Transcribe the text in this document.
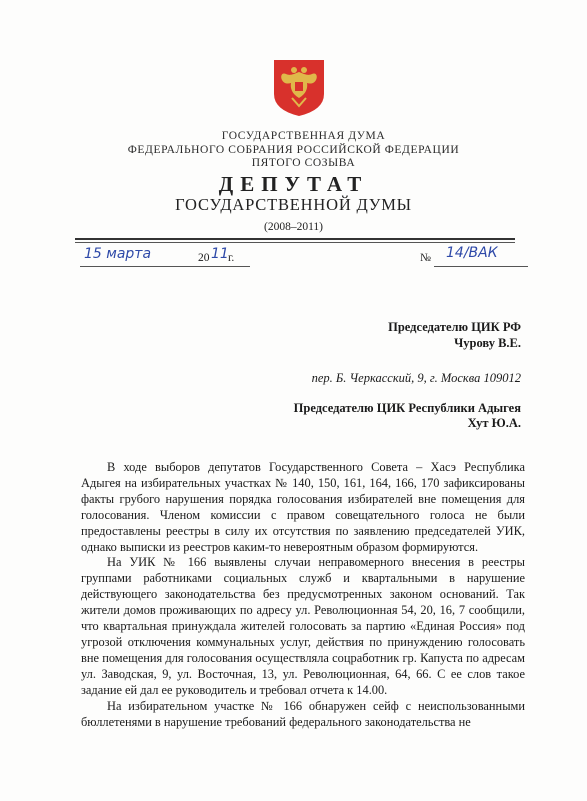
ГОСУДАРСТВЕННАЯ ДУМА
ФЕДЕРАЛЬНОГО СОБРАНИЯ РОССИЙСКОЙ ФЕДЕРАЦИИ
ПЯТОГО СОЗЫВА
ДЕПУТАТ
ГОСУДАРСТВЕННОЙ ДУМЫ
(2008–2011)
15 марта	20 11 г.	№ 14/ВАК
Председателю ЦИК РФ
Чурову В.Е.
пер. Б. Черкасский, 9, г. Москва 109012
Председателю ЦИК Республики Адыгея
Хут Ю.А.

В ходе выборов депутатов Государственного Совета – Хасэ Республика Адыгея на избирательных участках № 140, 150, 161, 164, 166, 170 зафиксированы факты грубого нарушения порядка голосования избирателей вне помещения для голосования. Членом комиссии с правом совещательного голоса не были предоставлены реестры в силу их отсутствия по заявлению председателей УИК, однако выписки из реестров каким-то невероятным образом формируются.

На УИК № 166 выявлены случаи неправомерного внесения в реестры группами работниками социальных служб и квартальными в нарушение действующего законодательства без предусмотренных законом оснований. Так жители домов проживающих по адресу ул. Революционная 54, 20, 16, 7 сообщили, что квартальная принуждала жителей голосовать за партию «Единая Россия» под угрозой отключения коммунальных услуг, действия по принуждению голосовать вне помещения для голосования осуществляла соцработник гр. Капуста по адресам ул. Заводская, 9, ул. Восточная, 13, ул. Революционная, 64, 66. С ее слов такое задание ей дал ее руководитель и требовал отчета к 14.00.

На избирательном участке № 166 обнаружен сейф с неиспользованными бюллетенями в нарушение требований федерального законодательства не
